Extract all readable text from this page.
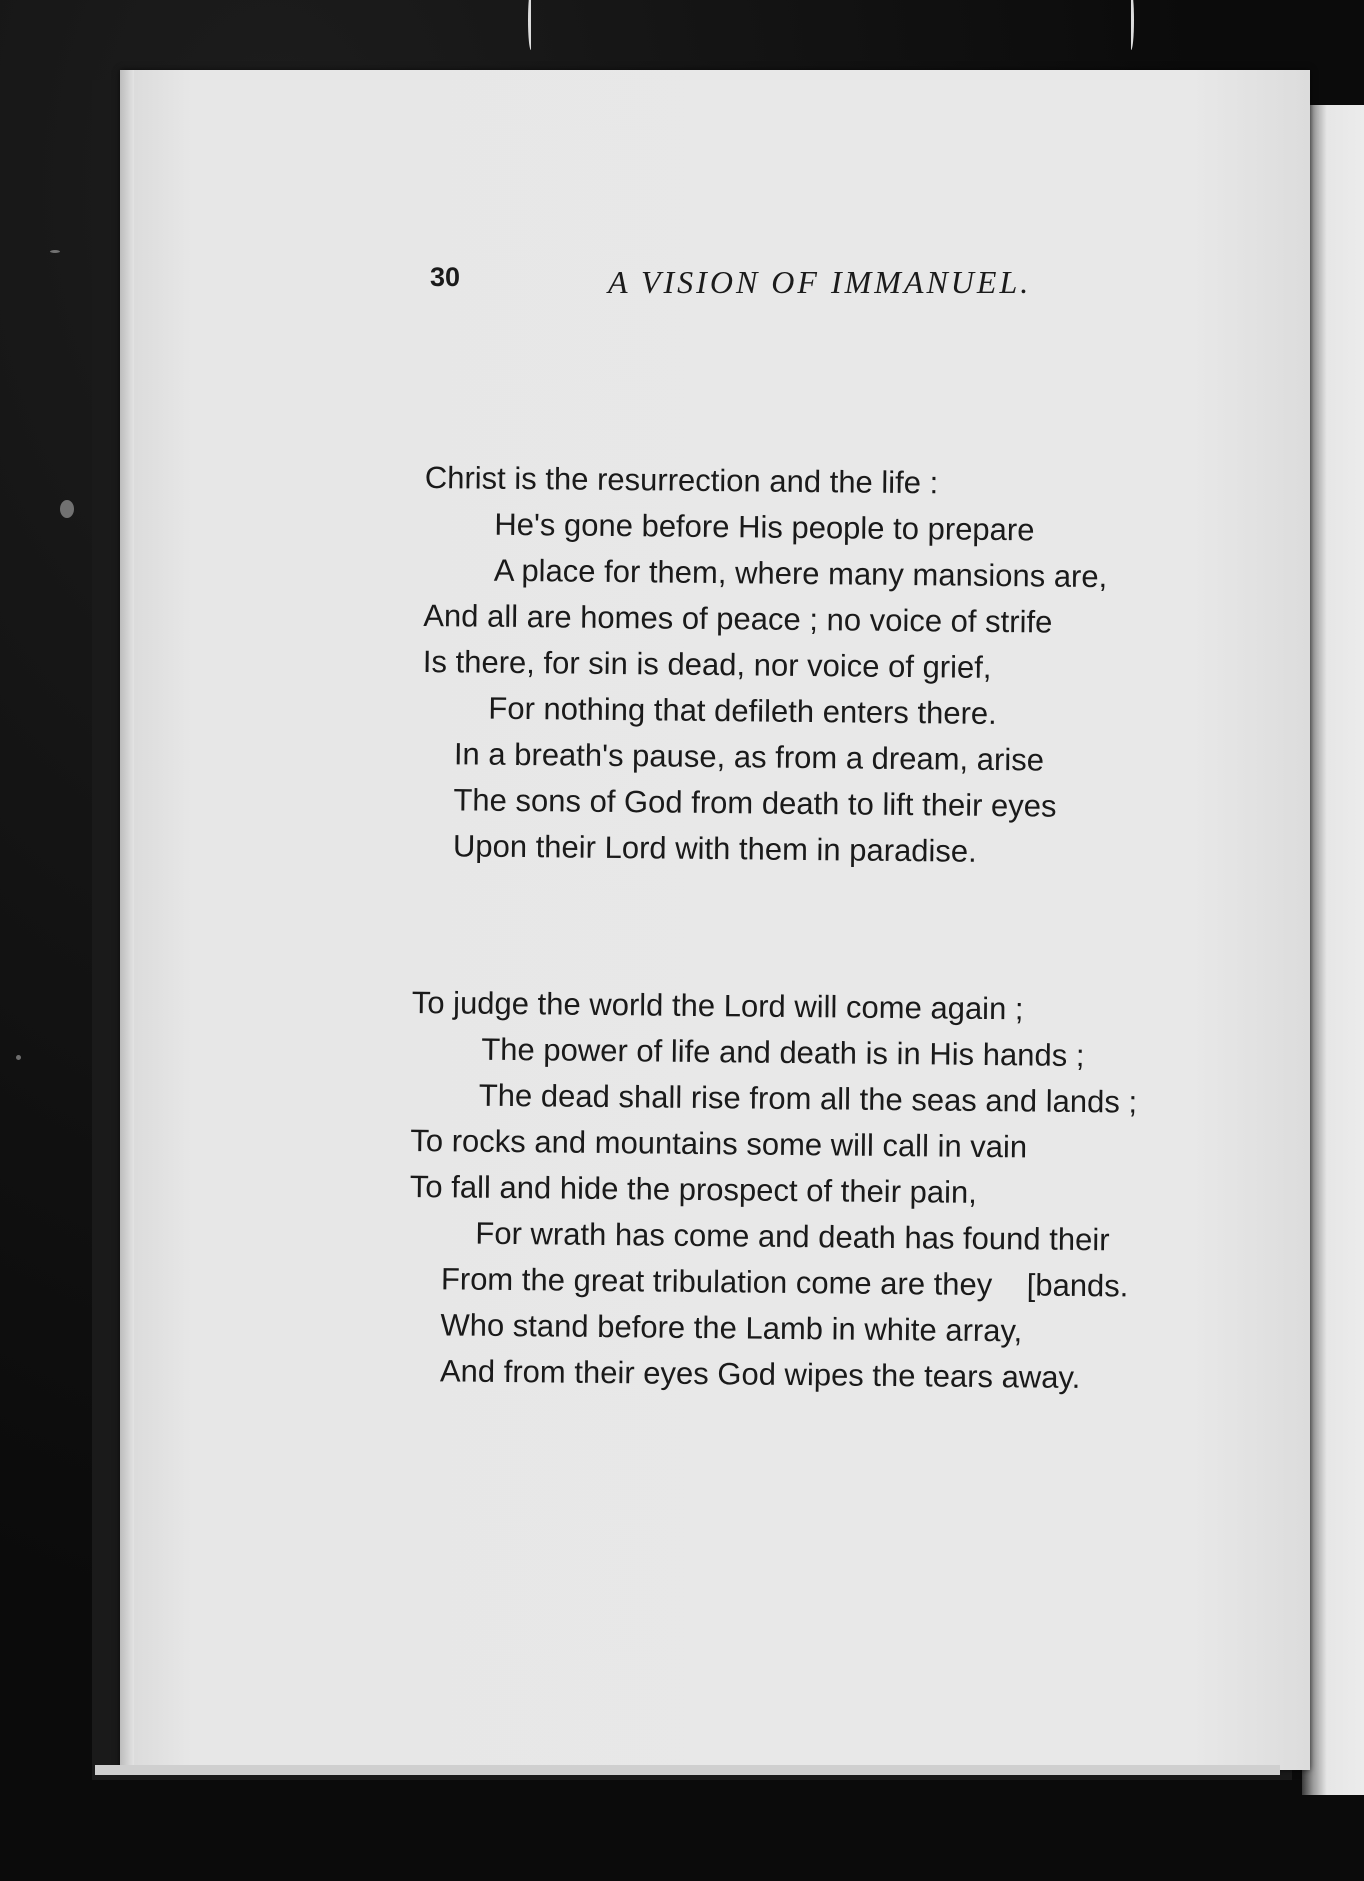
30	A VISION OF IMMANUEL.
Christ is the resurrection and the life :
He's gone before His people to prepare
A place for them, where many mansions are,
And all are homes of peace ; no voice of strife
Is there, for sin is dead, nor voice of grief,
For nothing that defileth enters there.
In a breath's pause, as from a dream, arise
The sons of God from death to lift their eyes
Upon their Lord with them in paradise.
To judge the world the Lord will come again ;
The power of life and death is in His hands ;
The dead shall rise from all the seas and lands ;
To rocks and mountains some will call in vain
To fall and hide the prospect of their pain,
For wrath has come and death has found their
From the great tribulation come are they    [bands.
Who stand before the Lamb in white array,
And from their eyes God wipes the tears away.
